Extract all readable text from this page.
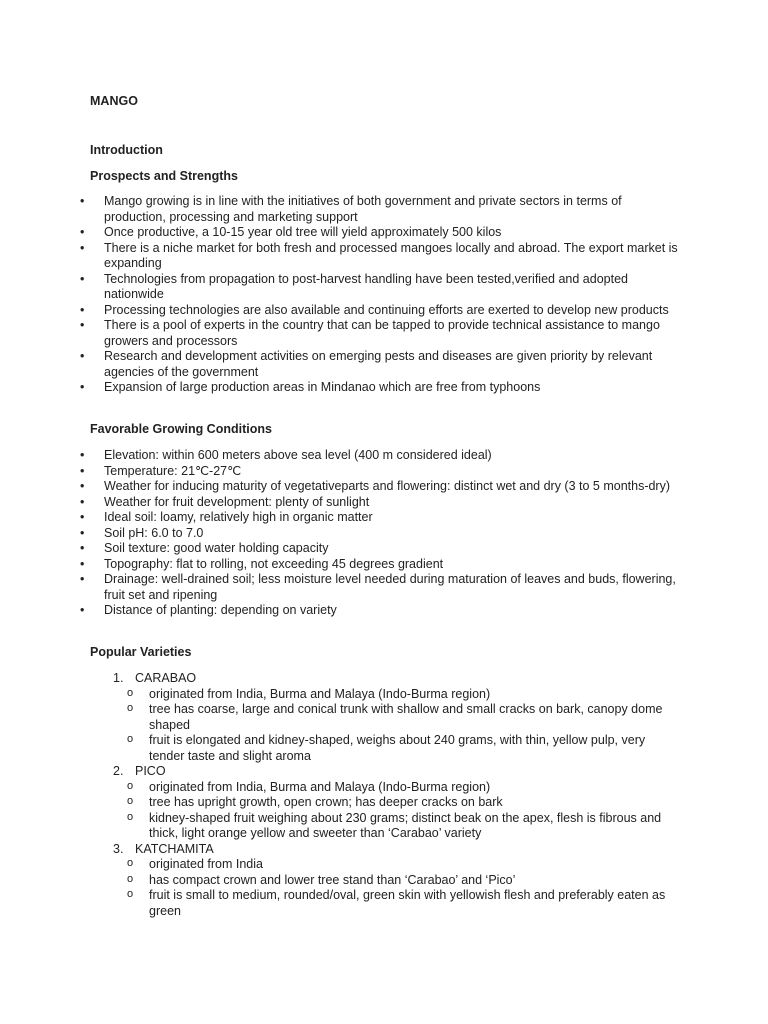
MANGO
Introduction
Prospects and Strengths
• Mango growing is in line with the initiatives of both government and private sectors in terms of production, processing and marketing support
• Once productive, a 10-15 year old tree will yield approximately 500 kilos
• There is a niche market for both fresh and processed mangoes locally and abroad. The export market is expanding
• Technologies from propagation to post-harvest handling have been tested,verified and adopted nationwide
• Processing technologies are also available and continuing efforts are exerted to develop new products
• There is a pool of experts in the country that can be tapped to provide technical assistance to mango growers and processors
• Research and development activities on emerging pests and diseases are given priority by relevant agencies of the government
• Expansion of large production areas in Mindanao which are free from typhoons
Favorable Growing Conditions
• Elevation: within 600 meters above sea level (400 m considered ideal)
• Temperature: 21℃-27℃
• Weather for inducing maturity of vegetativeparts and flowering: distinct wet and dry (3 to 5 months-dry)
• Weather for fruit development: plenty of sunlight
• Ideal soil: loamy, relatively high in organic matter
• Soil pH: 6.0 to 7.0
• Soil texture: good water holding capacity
• Topography: flat to rolling, not exceeding 45 degrees gradient
• Drainage: well-drained soil; less moisture level needed during maturation of leaves and buds, flowering, fruit set and ripening
• Distance of planting: depending on variety
Popular Varieties
1. CARABAO
o originated from India, Burma and Malaya (Indo-Burma region)
o tree has coarse, large and conical trunk with shallow and small cracks on bark, canopy dome shaped
o fruit is elongated and kidney-shaped, weighs about 240 grams, with thin, yellow pulp, very tender taste and slight aroma
2. PICO
o originated from India, Burma and Malaya (Indo-Burma region)
o tree has upright growth, open crown; has deeper cracks on bark
o kidney-shaped fruit weighing about 230 grams; distinct beak on the apex, flesh is fibrous and thick, light orange yellow and sweeter than ‘Carabao’ variety
3. KATCHAMITA
o originated from India
o has compact crown and lower tree stand than ‘Carabao’ and ‘Pico’
o fruit is small to medium, rounded/oval, green skin with yellowish flesh and preferably eaten as green
